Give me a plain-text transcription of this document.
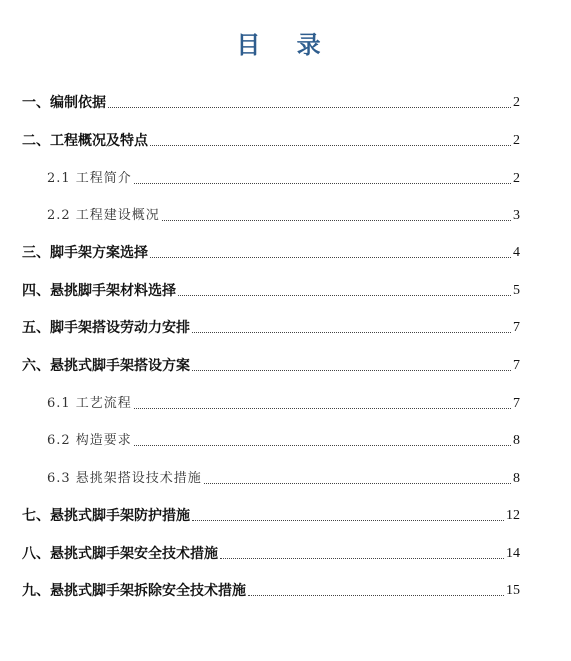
目 录
一、编制依据	2
二、工程概况及特点	2
2.1 工程简介	2
2.2 工程建设概况	3
三、脚手架方案选择	4
四、悬挑脚手架材料选择	5
五、脚手架搭设劳动力安排	7
六、悬挑式脚手架搭设方案	7
6.1 工艺流程	7
6.2 构造要求	8
6.3 悬挑架搭设技术措施	8
七、悬挑式脚手架防护措施	12
八、悬挑式脚手架安全技术措施	14
九、悬挑式脚手架拆除安全技术措施	15
